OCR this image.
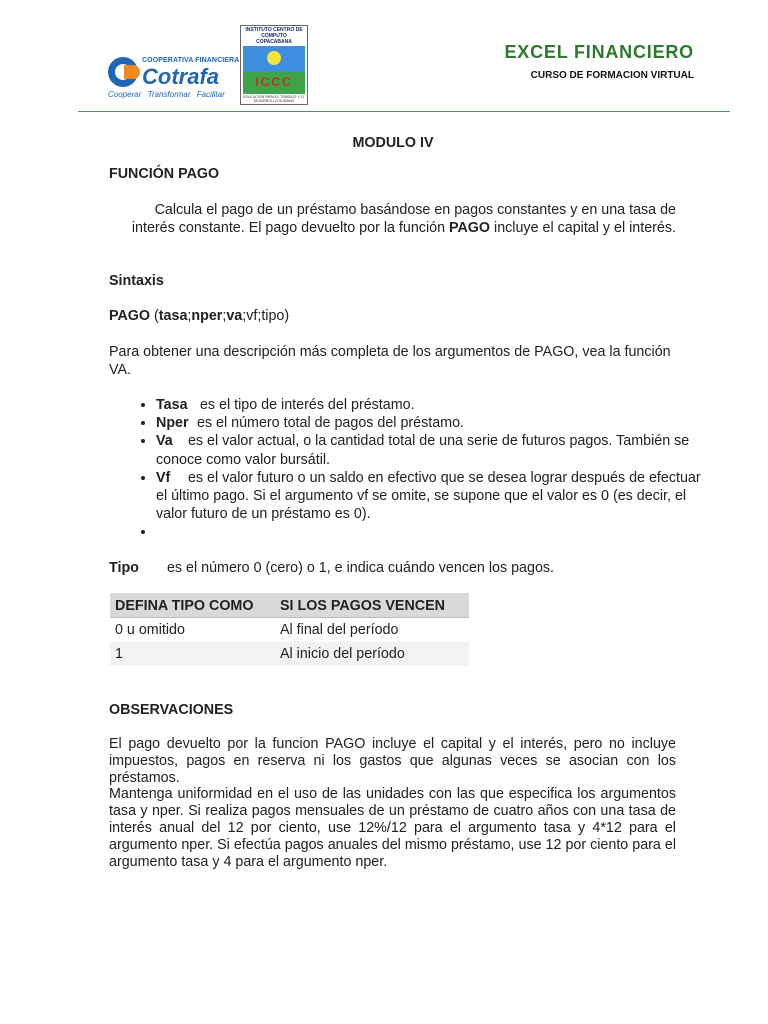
COOPERATIVA FINANCIERA
Cotrafa
Cooperar Transformar Facilitar
INSTITUTO CENTRO DE COMPUTO COPACABANA
ICCC
EDUCACION PARA EL TRABAJO Y EL DESARROLLO HUMANO
EXCEL FINANCIERO
CURSO DE FORMACION VIRTUAL
MODULO IV
FUNCIÓN PAGO
Calcula el pago de un préstamo basándose en pagos constantes y en una tasa de interés constante. El pago devuelto por la función PAGO incluye el capital y el interés.
Sintaxis
PAGO (tasa;nper;va;vf;tipo)
Para obtener una descripción más completa de los argumentos de PAGO, vea la función VA.
• Tasa es el tipo de interés del préstamo.
• Nper es el número total de pagos del préstamo.
• Va es el valor actual, o la cantidad total de una serie de futuros pagos. También se conoce como valor bursátil.
• Vf es el valor futuro o un saldo en efectivo que se desea lograr después de efectuar el último pago. Si el argumento vf se omite, se supone que el valor es 0 (es decir, el valor futuro de un préstamo es 0).
•
Tipo es el número 0 (cero) o 1, e indica cuándo vencen los pagos.
DEFINA TIPO COMO	SI LOS PAGOS VENCEN
0 u omitido	Al final del período
1	Al inicio del período
OBSERVACIONES

El pago devuelto por la funcion PAGO incluye el capital y el interés, pero no incluye impuestos, pagos en reserva ni los gastos que algunas veces se asocian con los préstamos.

Mantenga uniformidad en el uso de las unidades con las que especifica los argumentos tasa y nper. Si realiza pagos mensuales de un préstamo de cuatro años con una tasa de interés anual del 12 por ciento, use 12%/12 para el argumento tasa y 4*12 para el argumento nper. Si efectúa pagos anuales del mismo préstamo, use 12 por ciento para el argumento tasa y 4 para el argumento nper.
